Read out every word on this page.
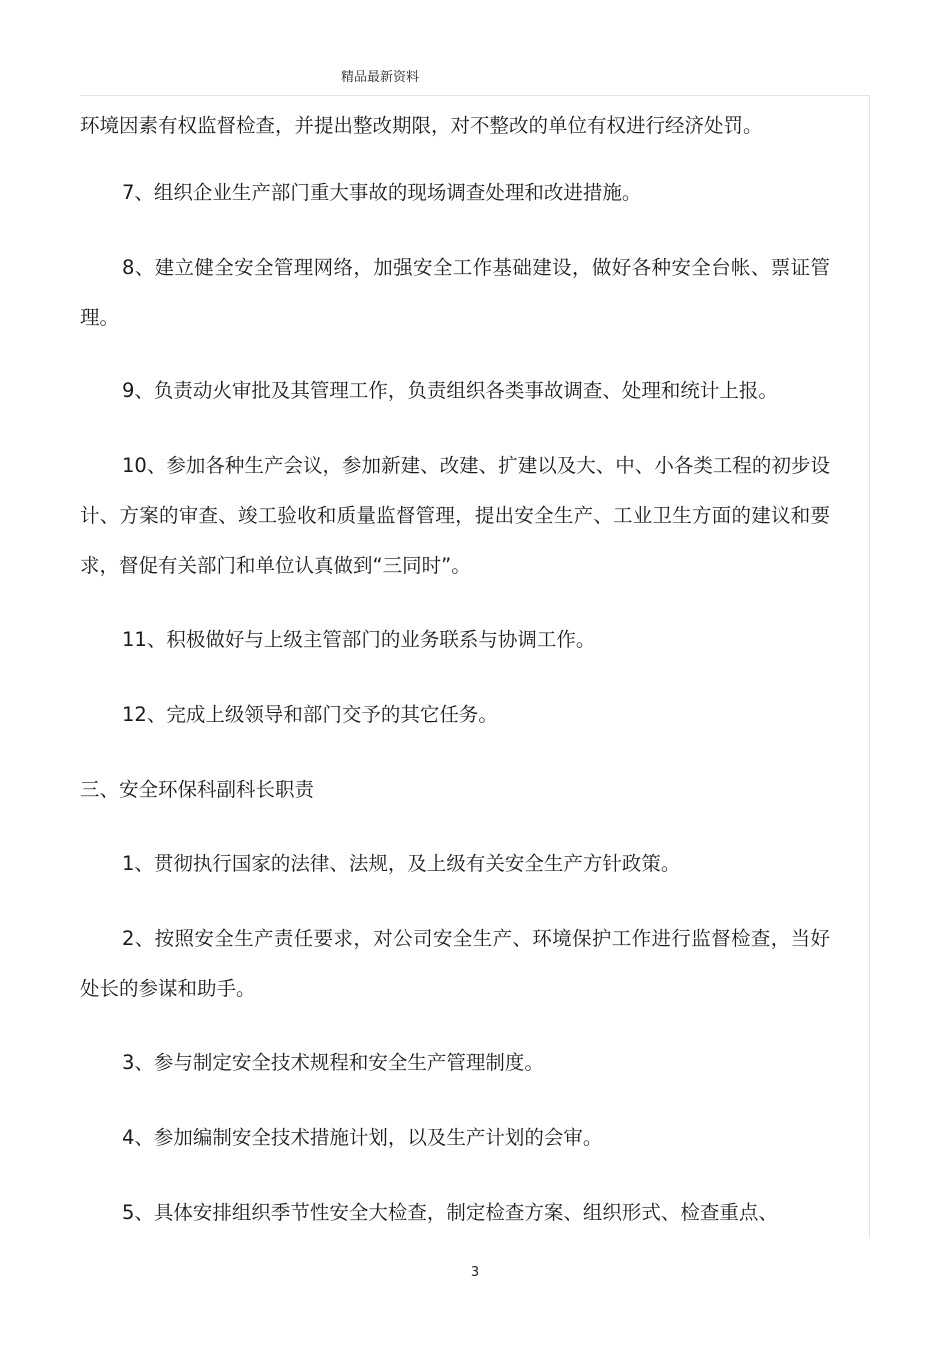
精品最新资料

环境因素有权监督检查，并提出整改期限，对不整改的单位有权进行经济处罚。

7、组织企业生产部门重大事故的现场调查处理和改进措施。

8、建立健全安全管理网络，加强安全工作基础建设，做好各种安全台帐、票证管理。

9、负责动火审批及其管理工作，负责组织各类事故调查、处理和统计上报。

10、参加各种生产会议，参加新建、改建、扩建以及大、中、小各类工程的初步设计、方案的审查、竣工验收和质量监督管理，提出安全生产、工业卫生方面的建议和要求，督促有关部门和单位认真做到“三同时”。

11、积极做好与上级主管部门的业务联系与协调工作。

12、完成上级领导和部门交予的其它任务。

三、安全环保科副科长职责

1、贯彻执行国家的法律、法规，及上级有关安全生产方针政策。

2、按照安全生产责任要求，对公司安全生产、环境保护工作进行监督检查，当好处长的参谋和助手。

3、参与制定安全技术规程和安全生产管理制度。

4、参加编制安全技术措施计划，以及生产计划的会审。

5、具体安排组织季节性安全大检查，制定检查方案、组织形式、检查重点、

3
